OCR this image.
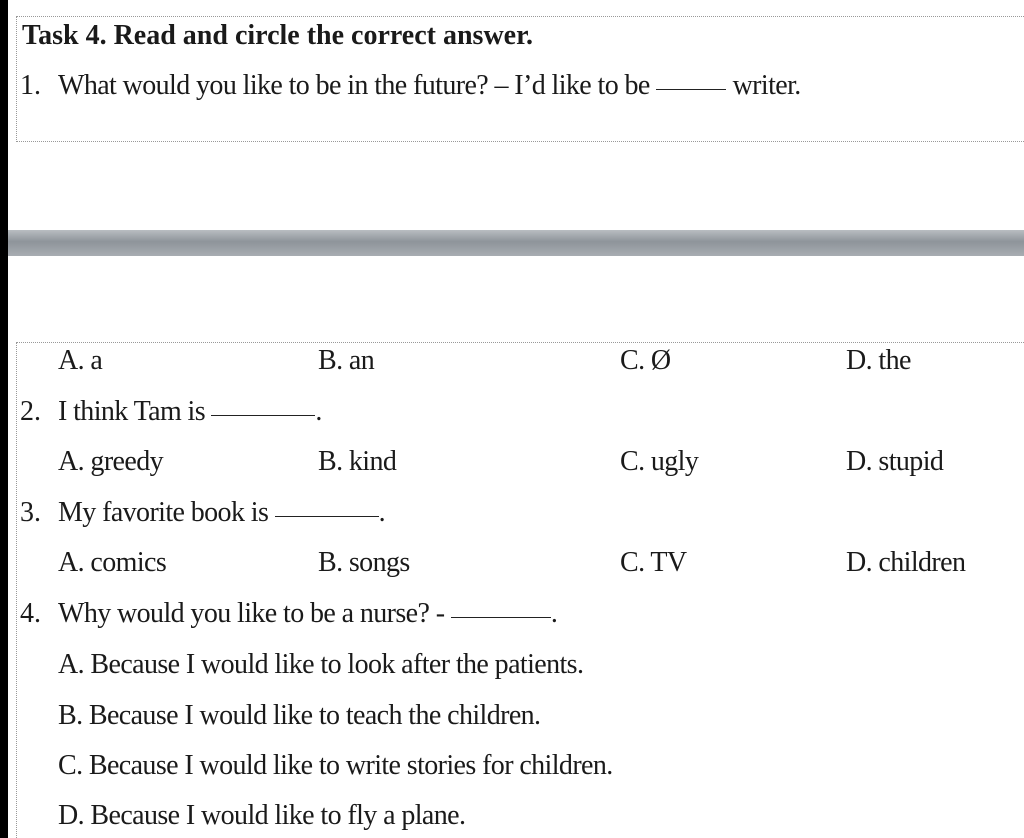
Task 4. Read and circle the correct answer.
1. What would you like to be in the future? – I’d like to be	writer.
A. a	B. an	C. Ø	D. the
2. I think Tam is	.
A. greedy	B. kind	C. ugly	D. stupid
3. My favorite book is	.
A. comics	B. songs	C. TV	D. children
4. Why would you like to be a nurse? -	.
A. Because I would like to look after the patients.
B. Because I would like to teach the children.
C. Because I would like to write stories for children.
D. Because I would like to fly a plane.
